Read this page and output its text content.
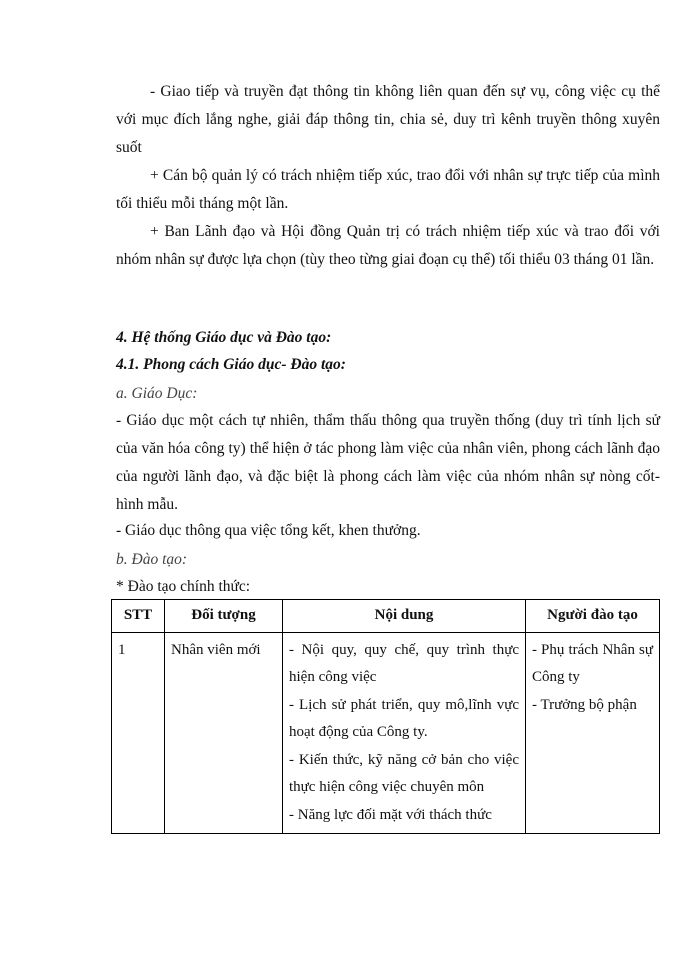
- Giao tiếp và truyền đạt thông tin không liên quan đến sự vụ, công việc cụ thể với mục đích lắng nghe, giải đáp thông tin, chia sẻ, duy trì kênh truyền thông xuyên suốt

+ Cán bộ quản lý có trách nhiệm tiếp xúc, trao đổi với nhân sự trực tiếp của mình tối thiểu mỗi tháng một lần.

+ Ban Lãnh đạo và Hội đồng Quản trị có trách nhiệm tiếp xúc và trao đổi với nhóm nhân sự được lựa chọn (tùy theo từng giai đoạn cụ thể) tối thiểu 03 tháng 01 lần.

4. Hệ thống Giáo dục và Đào tạo:

4.1. Phong cách Giáo dục- Đào tạo:

a. Giáo Dục:

- Giáo dục một cách tự nhiên, thẩm thấu thông qua truyền thống (duy trì tính lịch sử của văn hóa công ty) thể hiện ở tác phong làm việc của nhân viên, phong cách lãnh đạo của người lãnh đạo, và đặc biệt là phong cách làm việc của nhóm nhân sự nòng cốt- hình mẫu.

- Giáo dục thông qua việc tổng kết, khen thưởng.

b. Đào tạo:

* Đào tạo chính thức:

STT	Đối tượng	Nội dung	Người đào tạo
1	Nhân viên mới	- Nội quy, quy chế, quy trình thực hiện công việc
- Lịch sử phát triển, quy mô,lĩnh vực hoạt động của Công ty.
- Kiến thức, kỹ năng cở bản cho việc thực hiện công việc chuyên môn
- Năng lực đối mặt với thách thức	- Phụ trách Nhân sự Công ty
- Trưởng bộ phận
